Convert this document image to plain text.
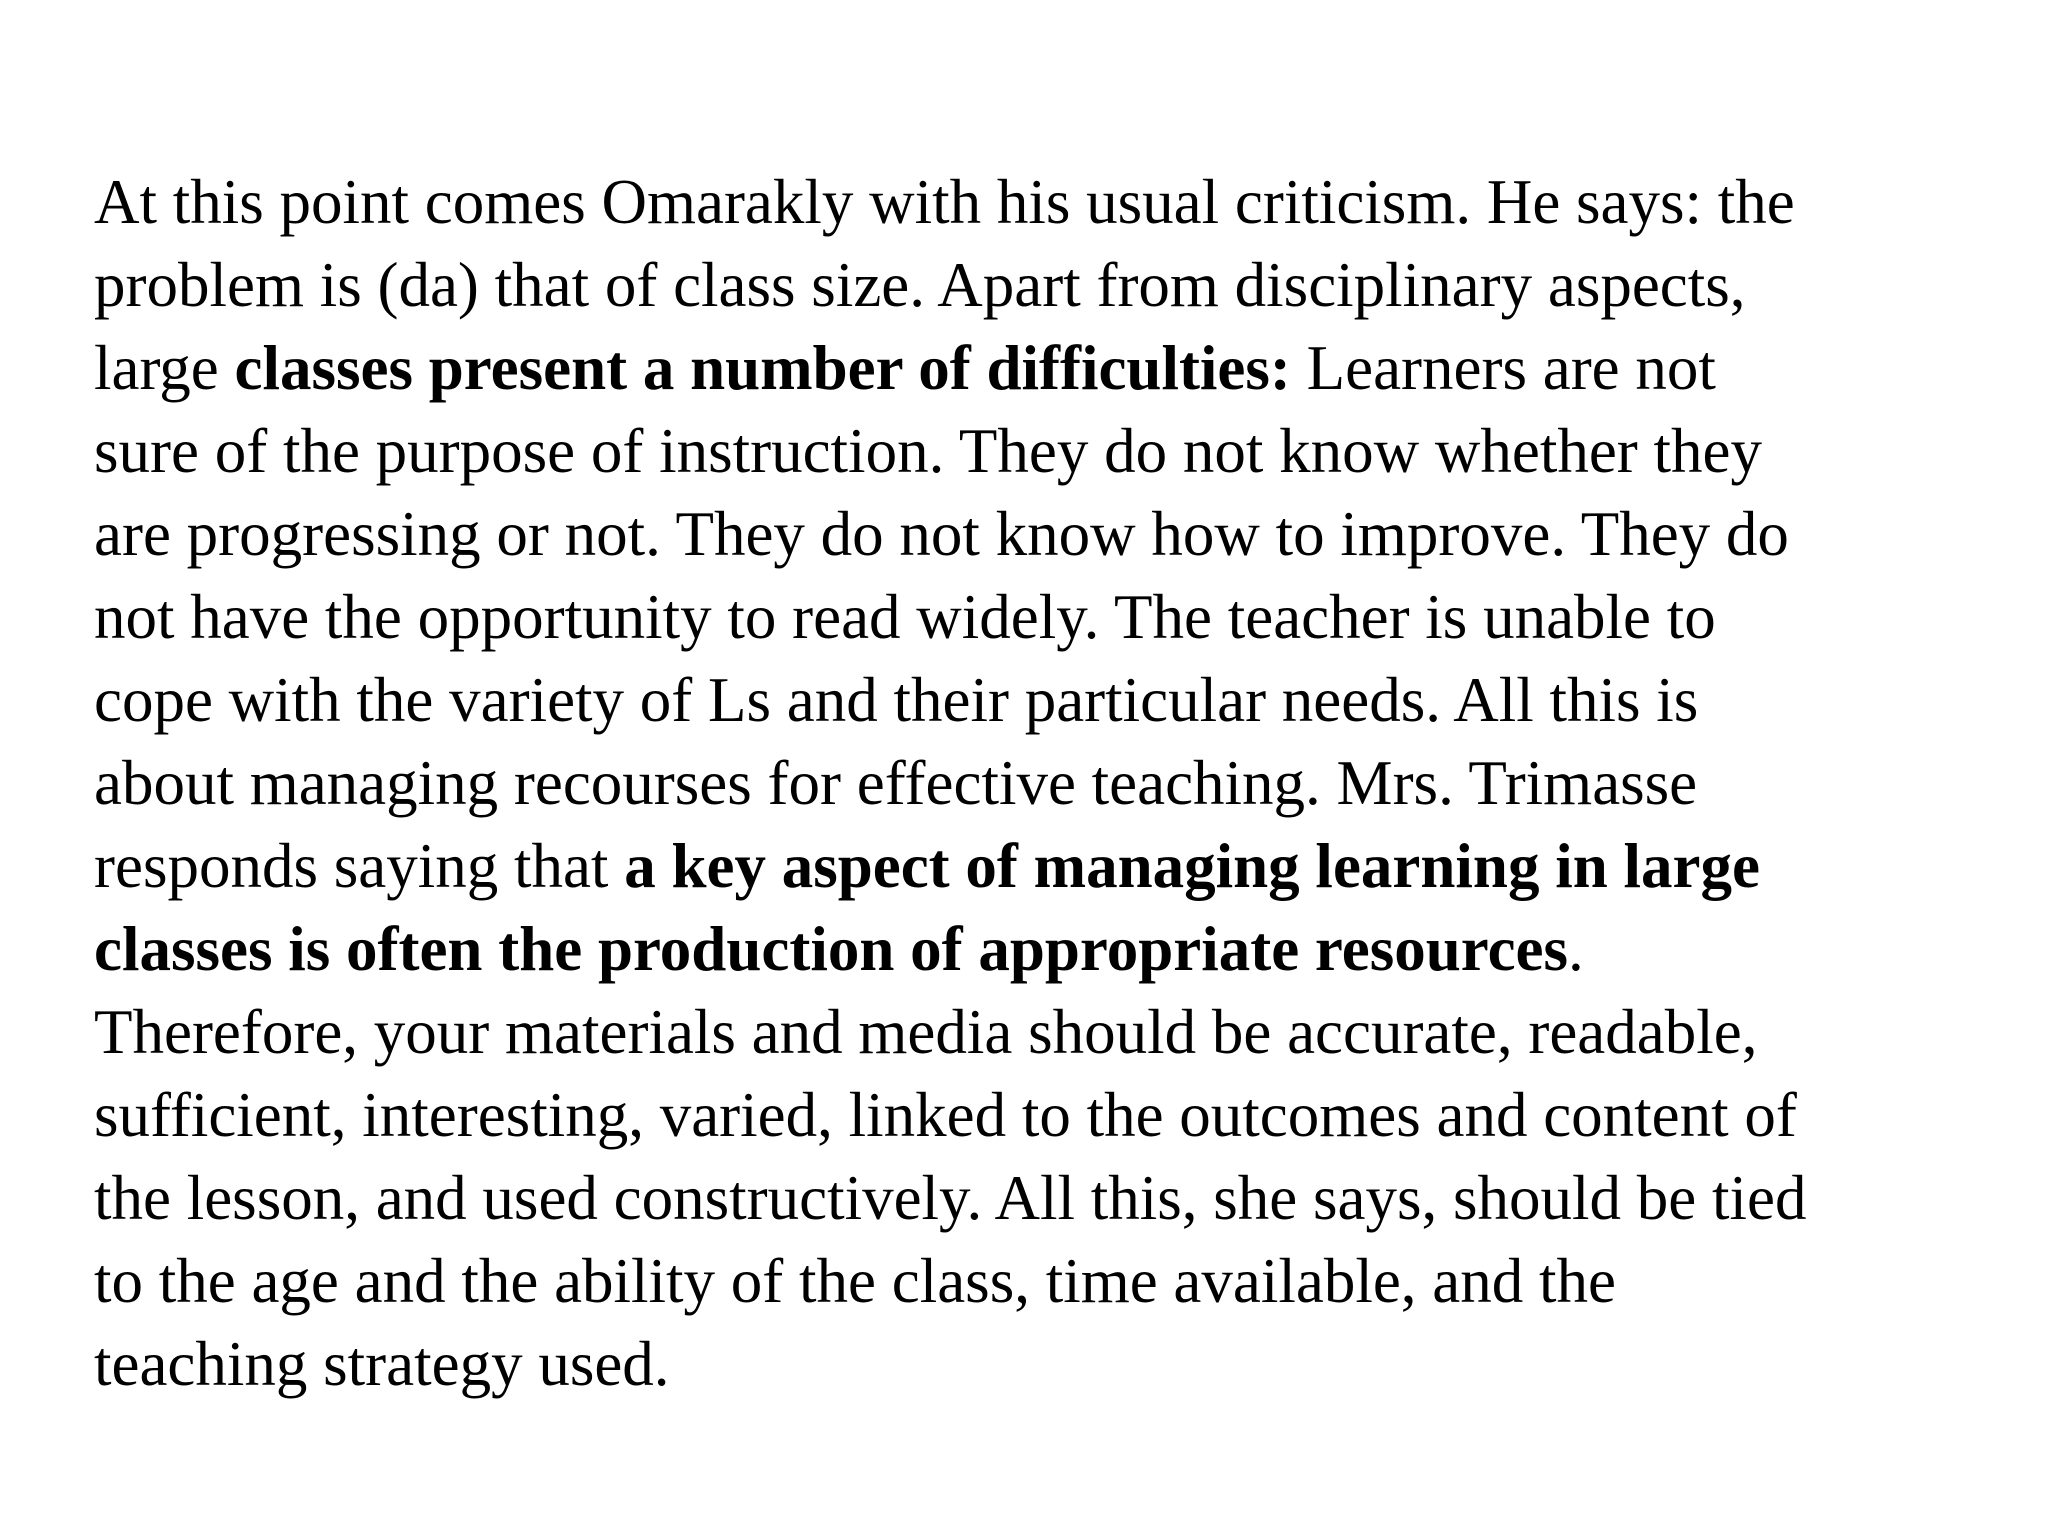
At this point comes Omarakly with his usual criticism. He says: the
problem is (da) that of class size. Apart from disciplinary aspects,
large classes present a number of difficulties: Learners are not
sure of the purpose of instruction. They do not know whether they
are progressing or not. They do not know how to improve. They do
not have the opportunity to read widely. The teacher is unable to
cope with the variety of Ls and their particular needs. All this is
about managing recourses for effective teaching. Mrs. Trimasse
responds saying that a key aspect of managing learning in large
classes is often the production of appropriate resources.
Therefore, your materials and media should be accurate, readable,
sufficient, interesting, varied, linked to the outcomes and content of
the lesson, and used constructively. All this, she says, should be tied
to the age and the ability of the class, time available, and the
teaching strategy used.
